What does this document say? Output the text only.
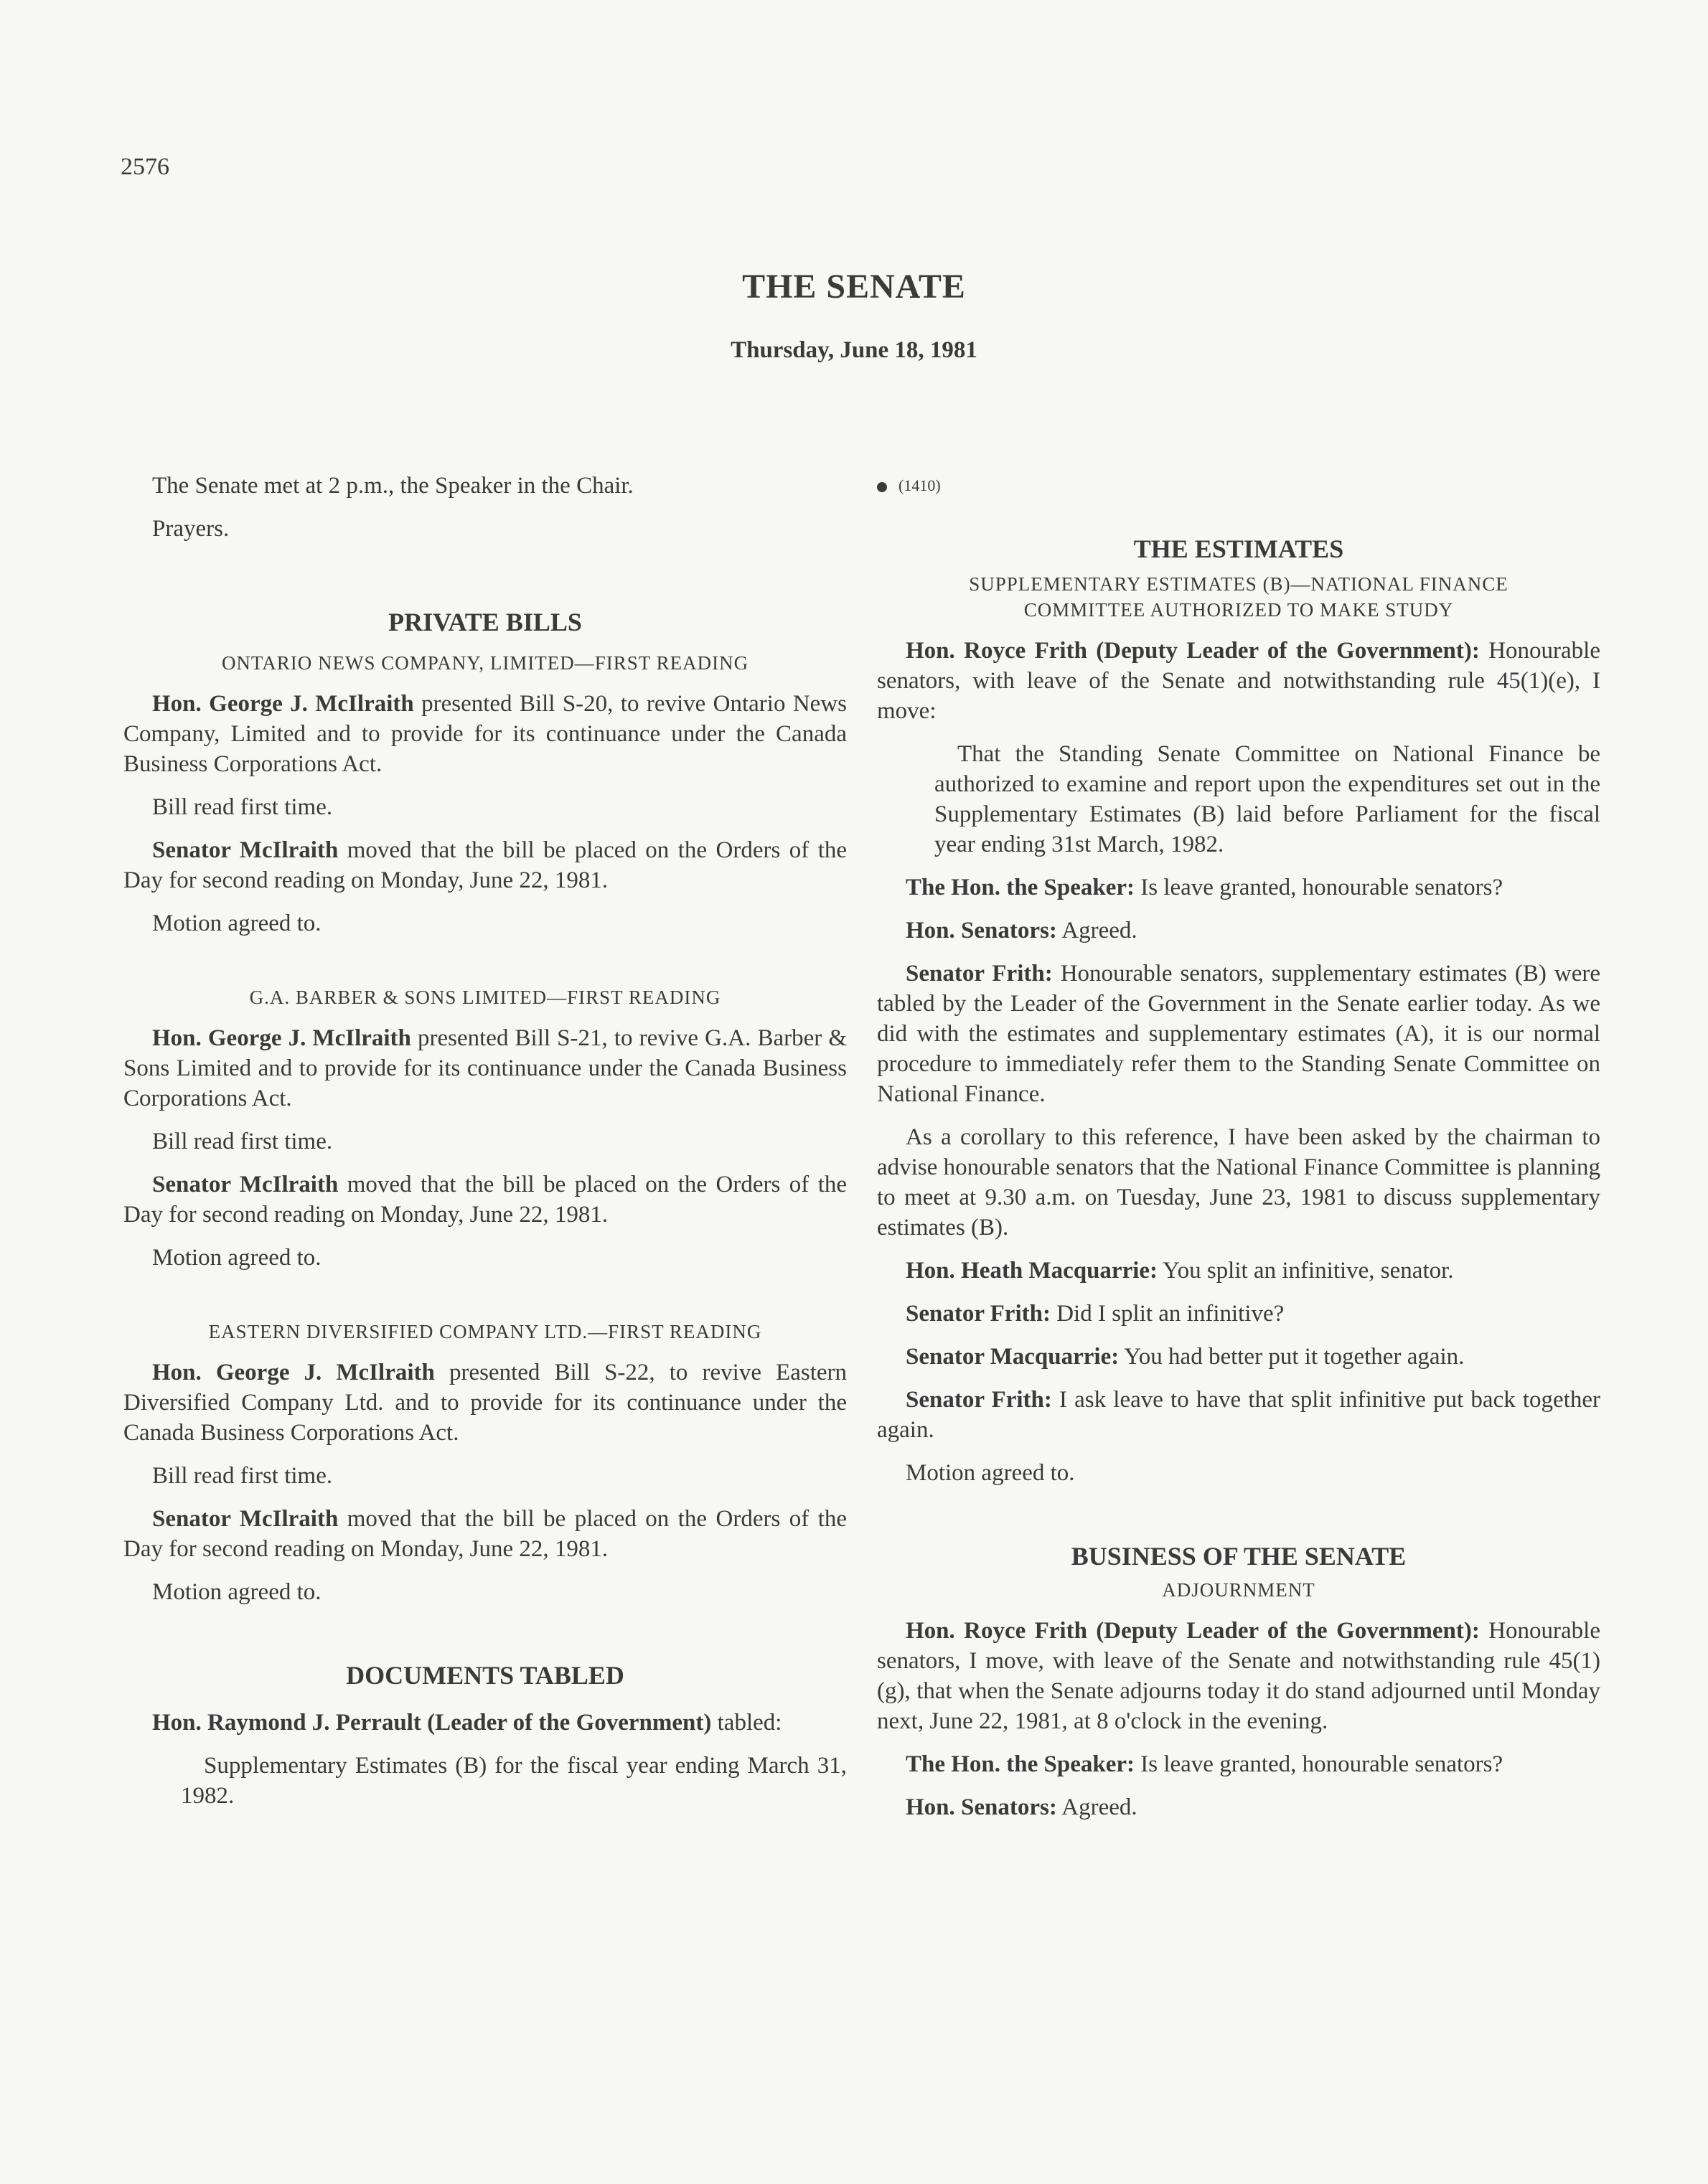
2576
THE SENATE
Thursday, June 18, 1981

The Senate met at 2 p.m., the Speaker in the Chair.

Prayers.

PRIVATE BILLS

ONTARIO NEWS COMPANY, LIMITED—FIRST READING

Hon. George J. McIlraith presented Bill S-20, to revive Ontario News Company, Limited and to provide for its continuance under the Canada Business Corporations Act.

Bill read first time.

Senator McIlraith moved that the bill be placed on the Orders of the Day for second reading on Monday, June 22, 1981.

Motion agreed to.

G.A. BARBER & SONS LIMITED—FIRST READING

Hon. George J. McIlraith presented Bill S-21, to revive G.A. Barber & Sons Limited and to provide for its continuance under the Canada Business Corporations Act.

Bill read first time.

Senator McIlraith moved that the bill be placed on the Orders of the Day for second reading on Monday, June 22, 1981.

Motion agreed to.

EASTERN DIVERSIFIED COMPANY LTD.—FIRST READING

Hon. George J. McIlraith presented Bill S-22, to revive Eastern Diversified Company Ltd. and to provide for its continuance under the Canada Business Corporations Act.

Bill read first time.

Senator McIlraith moved that the bill be placed on the Orders of the Day for second reading on Monday, June 22, 1981.

Motion agreed to.

DOCUMENTS TABLED

Hon. Raymond J. Perrault (Leader of the Government) tabled:

Supplementary Estimates (B) for the fiscal year ending March 31, 1982.

(1410)

THE ESTIMATES

SUPPLEMENTARY ESTIMATES (B)—NATIONAL FINANCE COMMITTEE AUTHORIZED TO MAKE STUDY

Hon. Royce Frith (Deputy Leader of the Government): Honourable senators, with leave of the Senate and notwithstanding rule 45(1)(e), I move:

That the Standing Senate Committee on National Finance be authorized to examine and report upon the expenditures set out in the Supplementary Estimates (B) laid before Parliament for the fiscal year ending 31st March, 1982.

The Hon. the Speaker: Is leave granted, honourable senators?

Hon. Senators: Agreed.

Senator Frith: Honourable senators, supplementary estimates (B) were tabled by the Leader of the Government in the Senate earlier today. As we did with the estimates and supplementary estimates (A), it is our normal procedure to immediately refer them to the Standing Senate Committee on National Finance.

As a corollary to this reference, I have been asked by the chairman to advise honourable senators that the National Finance Committee is planning to meet at 9.30 a.m. on Tuesday, June 23, 1981 to discuss supplementary estimates (B).

Hon. Heath Macquarrie: You split an infinitive, senator.

Senator Frith: Did I split an infinitive?

Senator Macquarrie: You had better put it together again.

Senator Frith: I ask leave to have that split infinitive put back together again.

Motion agreed to.

BUSINESS OF THE SENATE

ADJOURNMENT

Hon. Royce Frith (Deputy Leader of the Government): Honourable senators, I move, with leave of the Senate and notwithstanding rule 45(1)(g), that when the Senate adjourns today it do stand adjourned until Monday next, June 22, 1981, at 8 o'clock in the evening.

The Hon. the Speaker: Is leave granted, honourable senators?

Hon. Senators: Agreed.
